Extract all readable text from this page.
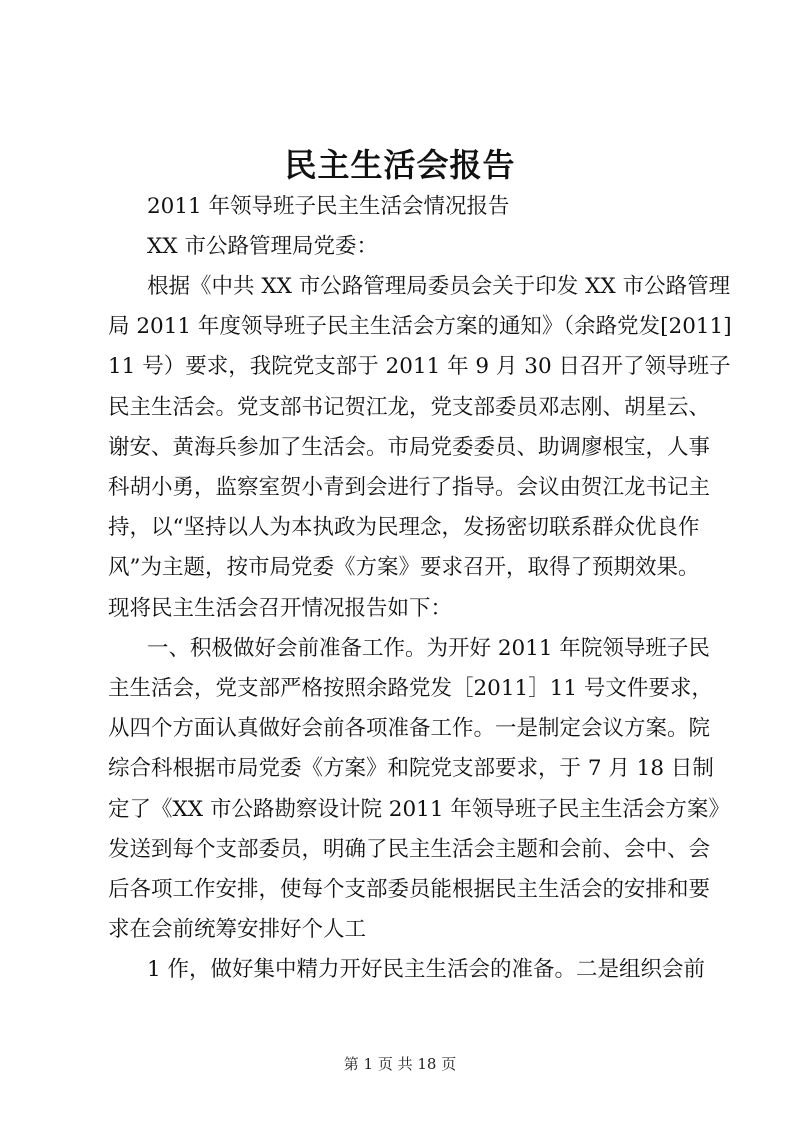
民主生活会报告
2011 年领导班子民主生活会情况报告
XX 市公路管理局党委：
根据《中共 XX 市公路管理局委员会关于印发 XX 市公路管理
局 2011 年度领导班子民主生活会方案的通知》（余路党发[2011]
11 号）要求，我院党支部于 2011 年 9 月 30 日召开了领导班子
民主生活会。党支部书记贺江龙，党支部委员邓志刚、胡星云、
谢安、黄海兵参加了生活会。市局党委委员、助调廖根宝，人事
科胡小勇，监察室贺小青到会进行了指导。会议由贺江龙书记主
持，以“坚持以人为本执政为民理念，发扬密切联系群众优良作
风”为主题，按市局党委《方案》要求召开，取得了预期效果。
现将民主生活会召开情况报告如下：
一、积极做好会前准备工作。为开好 2011 年院领导班子民
主生活会，党支部严格按照余路党发［2011］11 号文件要求，
从四个方面认真做好会前各项准备工作。一是制定会议方案。院
综合科根据市局党委《方案》和院党支部要求，于 7 月 18 日制
定了《XX 市公路勘察设计院 2011 年领导班子民主生活会方案》
发送到每个支部委员，明确了民主生活会主题和会前、会中、会
后各项工作安排，使每个支部委员能根据民主生活会的安排和要
求在会前统筹安排好个人工
1 作，做好集中精力开好民主生活会的准备。二是组织会前
第 1 页 共 18 页
